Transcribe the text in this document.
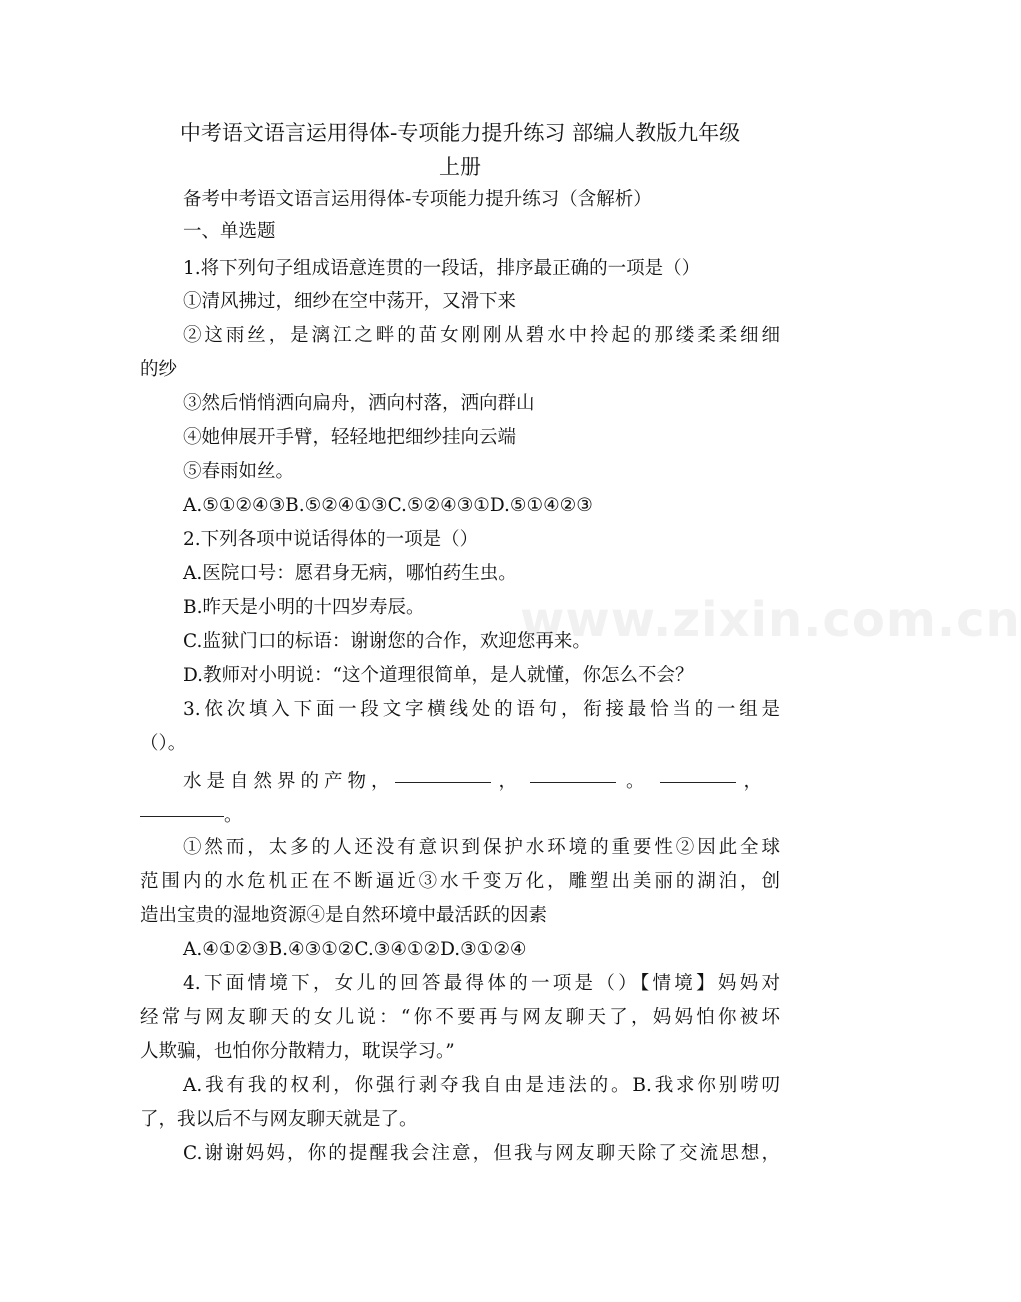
中考语文语言运用得体-专项能力提升练习 部编人教版九年级
上册
备考中考语文语言运用得体-专项能力提升练习（含解析）
一、单选题
1.将下列句子组成语意连贯的一段话，排序最正确的一项是（）
①清风拂过，细纱在空中荡开，又滑下来
②这雨丝，是漓江之畔的苗女刚刚从碧水中拎起的那缕柔柔细细
的纱
③然后悄悄洒向扁舟，洒向村落，洒向群山
④她伸展开手臂，轻轻地把细纱挂向云端
⑤春雨如丝。
A.⑤①②④③B.⑤②④①③C.⑤②④③①D.⑤①④②③
2.下列各项中说话得体的一项是（）
A.医院口号：愿君身无病，哪怕药生虫。
B.昨天是小明的十四岁寿辰。
C.监狱门口的标语：谢谢您的合作，欢迎您再来。
D.教师对小明说：“这个道理很简单，是人就懂，你怎么不会？
3.依次填入下面一段文字横线处的语句，衔接最恰当的一组是
（）。
水是自然界的产物，	，	。	，
。
①然而，太多的人还没有意识到保护水环境的重要性②因此全球
范围内的水危机正在不断逼近③水千变万化，雕塑出美丽的湖泊，创
造出宝贵的湿地资源④是自然环境中最活跃的因素
A.④①②③B.④③①②C.③④①②D.③①②④
4.下面情境下，女儿的回答最得体的一项是（）【情境】妈妈对
经常与网友聊天的女儿说：“你不要再与网友聊天了，妈妈怕你被坏
人欺骗，也怕你分散精力，耽误学习。”
A.我有我的权利，你强行剥夺我自由是违法的。B.我求你别唠叨
了，我以后不与网友聊天就是了。
C.谢谢妈妈，你的提醒我会注意，但我与网友聊天除了交流思想，
www.zixin.com.cn
